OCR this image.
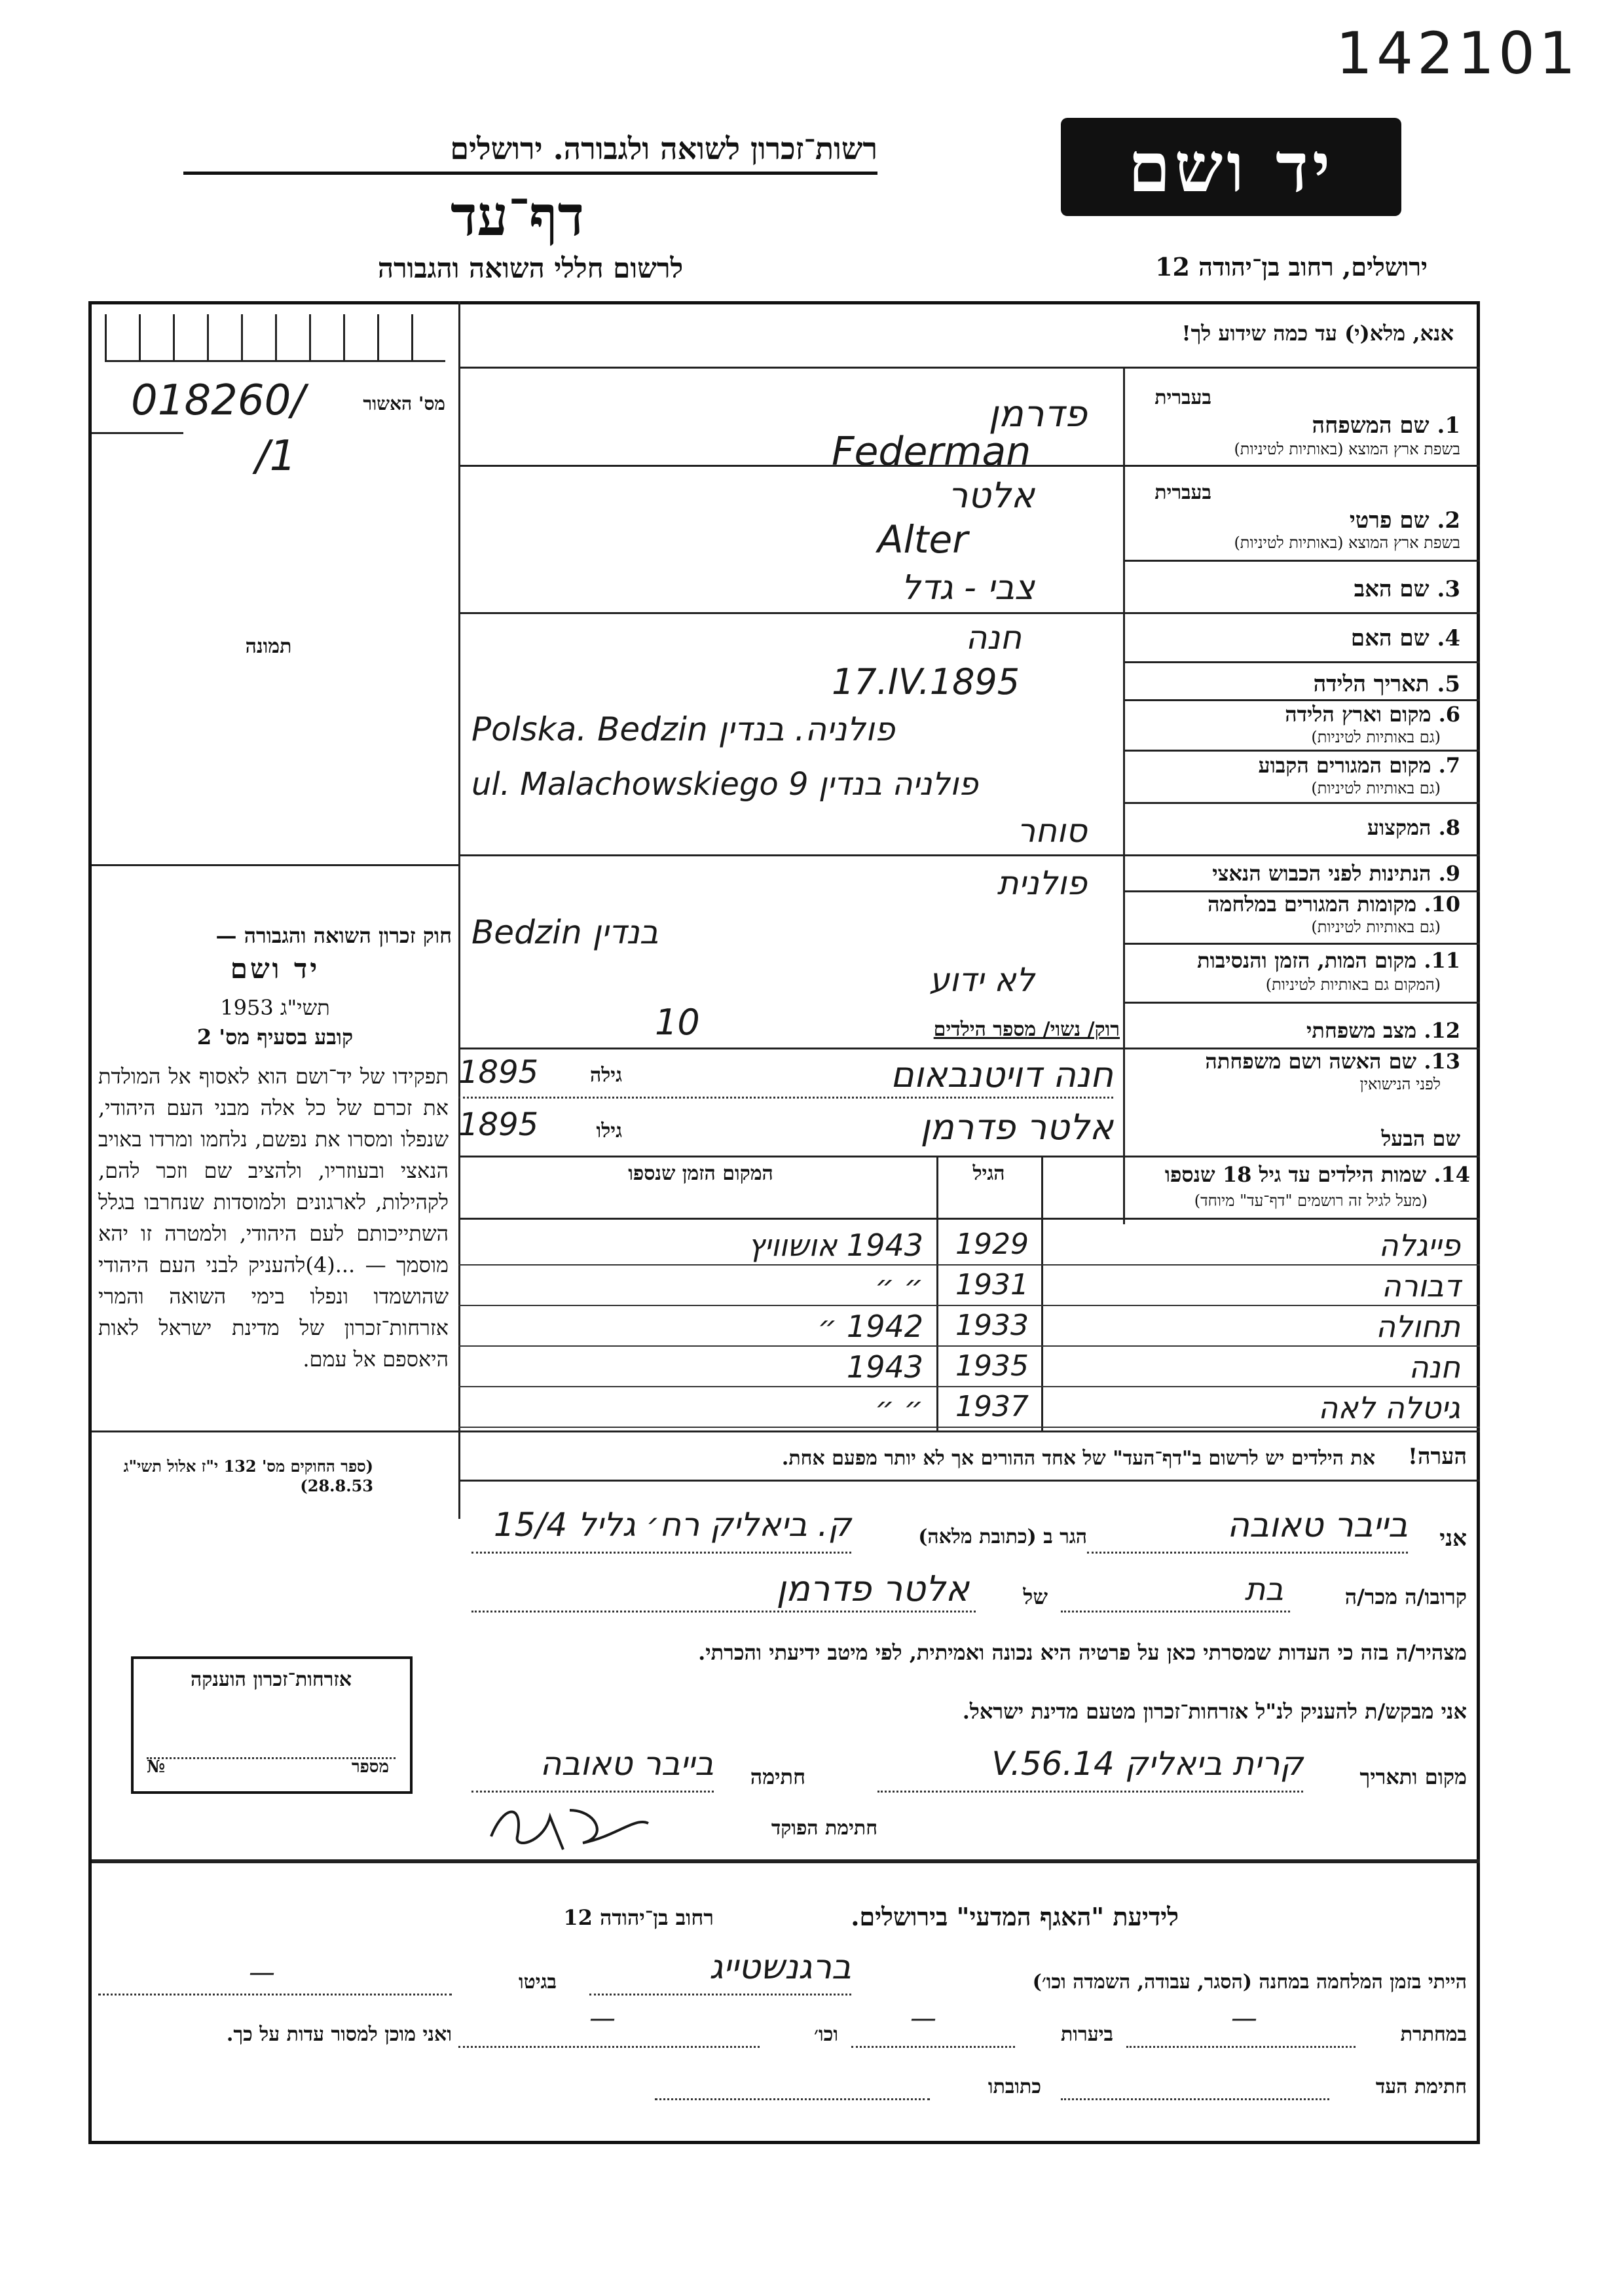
142101
רשות־זכרון לשואה ולגבורה. ירושלים
דף־עד
לרשום חללי השואה והגבורה
יד ושם
ירושלים, רחוב בן־יהודה 12
אנא, מלא(י) עד כמה שידוע לך!
מס' האשור
018260/
/1
תמונה
בעברית
1. שם המשפחה
בשפת ארץ המוצא (באותיות לטיניות)
בעברית
2. שם פרטי
בשפת ארץ המוצא (באותיות לטיניות)
3. שם האב
4. שם האם
5. תאריך הלידה
6. מקום וארץ הלידה
(גם באותיות לטיניות)
7. מקום המגורים הקבוע
(גם באותיות לטיניות)
8. המקצוע
9. הנתינות לפני הכבוש הנאצי
10. מקומות המגורים במלחמה
(גם באותיות לטיניות)
11. מקום המות, הזמן והנסיבות
(המקום גם באותיות לטיניות)
12. מצב משפחתי
13. שם האשה ושם משפחתה
לפני הנישואין
שם הבעל
פדרמן
Federman
אלטר
Alter
צבי - גדל
חנה
17.IV.1895
Polska. Bedzin פולניה. בנדין
ul. Malachowskiego 9 פולניה בנדין
סוחר
פולנית
Bedzin בנדין
לא ידוע
רוק/ נשוי/ מספר הילדים
10
חנה דויטנבאום
גילה
1895
אלטר פדרמן
גילו
1895
14. שמות הילדים עד גיל 18 שנספו
(מעל לגיל זה רושמים "דף־עד" מיוחד)
הגיל
המקום הזמן שנספו
פייגלה
1929
1943 אושוויץ
דבורה
1931
״ ״
תחולה
1933
1942 ״
חנה
1935
1943
גיטלה לאה
1937
״ ״
הערה!
את הילדים יש לרשום ב"דף־העד" של אחד ההורים אך לא יותר מפעם אחת.
חוק זכרון השואה והגבורה —
יד ושם
תשי"ג 1953
קובע בסעיף מס' 2
תפקידו של יד־ושם הוא לאסוף אל המולדת את זכרם של כל אלה מבני העם היהודי, שנפלו ומסרו את נפשם, נלחמו ומרדו באויב הנאצי ובעוזריו, ולהציב שם וזכר להם, לקהילות, לארגונים ולמוסדות שנחרבו בגלל השתייכותם לעם היהודי, ולמטרה זו יהא מוסמך — ...(4)להעניק לבני העם היהודי שהושמדו ונפלו בימי השואה והמרי אזרחות־זכרון של מדינת ישראל לאות היאספם אל עמם.
(ספר החוקים מס' 132 י"ז אלול תשי"ג 28.8.53)
אני
בייבר טאובה
הגר ב (כתובת מלאה)
ק. ביאליק רח׳ גליל 15/4
קרובו/ה מכר/ה
בת
של
אלטר פדרמן
מצהיר/ה בזה כי העדות שמסרתי כאן על פרטיה היא נכונה ואמיתית, לפי מיטב ידיעתי והכרתי.
אני מבקש/ת להעניק לנ"ל אזרחות־זכרון מטעם מדינת ישראל.
מקום ותאריך
קרית ביאליק 14.V.56
חתימה
בייבר טאובה
חתימת הפוקד
אזרחות־זכרון הוענקה
מספר
№
לידיעת "האגף המדעי" בירושלים.
רחוב בן־יהודה 12
הייתי בזמן המלחמה במחנה (הסגר, עבודה, השמדה וכו׳)
ברגנשטייג
בגיטו
—
במחתרת
—
ביערות
—
וכו׳
—
ואני מוכן למסור עדות על כך.
חתימת העד
כתובתו
